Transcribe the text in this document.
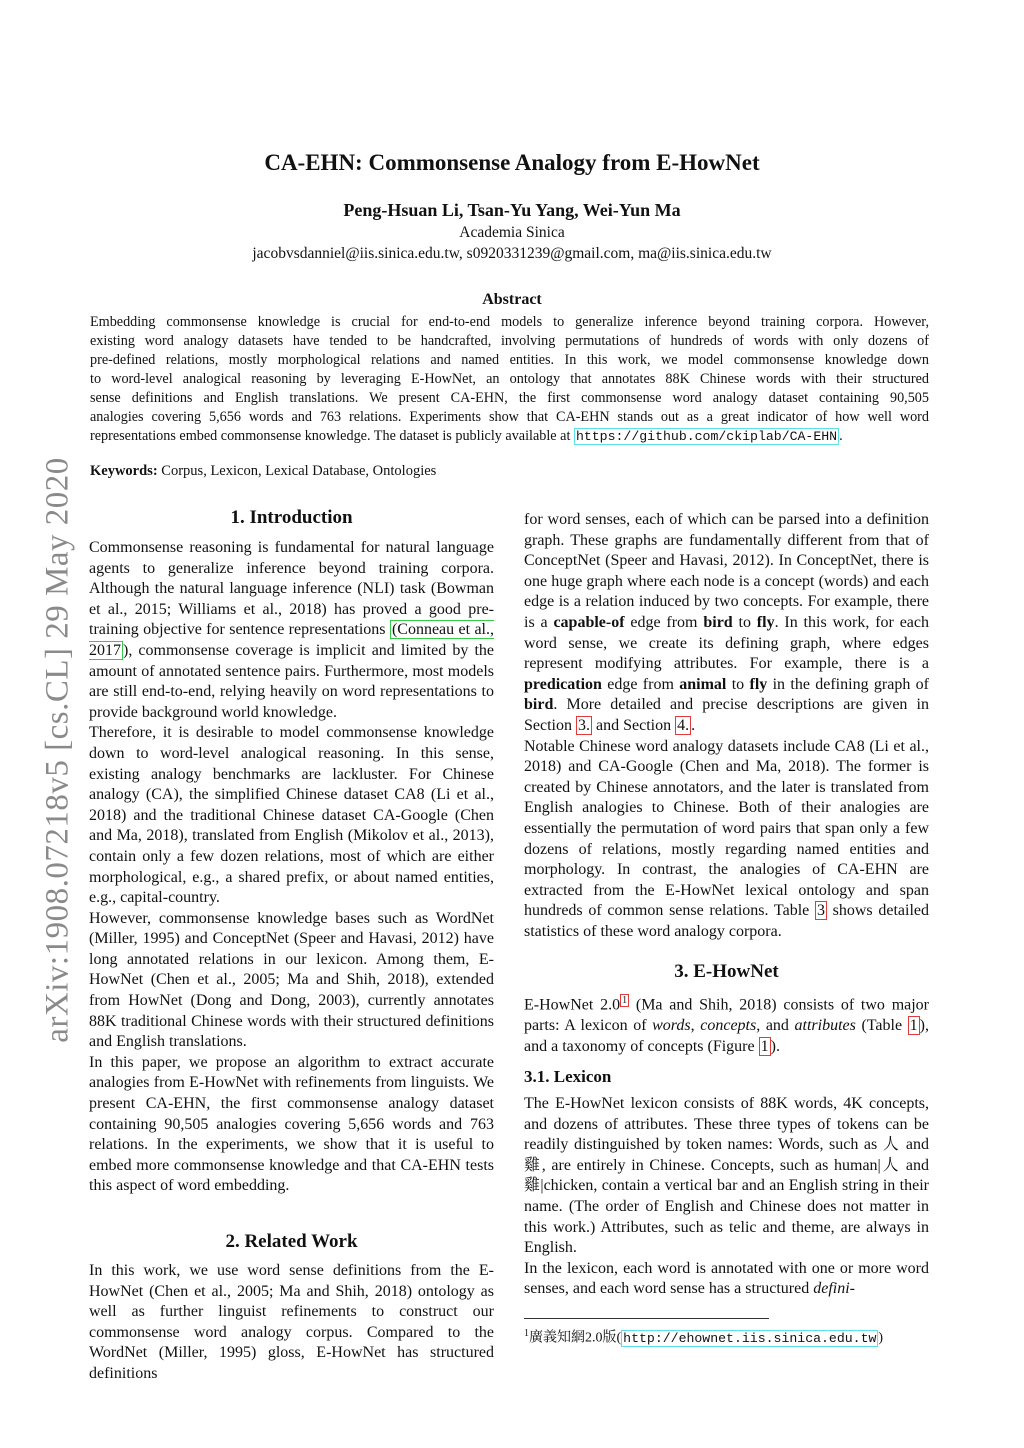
arXiv:1908.07218v5 [cs.CL] 29 May 2020
CA-EHN: Commonsense Analogy from E-HowNet
Peng-Hsuan Li, Tsan-Yu Yang, Wei-Yun Ma
Academia Sinica
jacobvsdanniel@iis.sinica.edu.tw, s0920331239@gmail.com, ma@iis.sinica.edu.tw
Abstract
Embedding commonsense knowledge is crucial for end-to-end models to generalize inference beyond training corpora. However,
existing word analogy datasets have tended to be handcrafted, involving permutations of hundreds of words with only dozens of
pre-defined relations, mostly morphological relations and named entities. In this work, we model commonsense knowledge down
to word-level analogical reasoning by leveraging E-HowNet, an ontology that annotates 88K Chinese words with their structured
sense definitions and English translations. We present CA-EHN, the first commonsense word analogy dataset containing 90,505
analogies covering 5,656 words and 763 relations. Experiments show that CA-EHN stands out as a great indicator of how well word
representations embed commonsense knowledge. The dataset is publicly available at https://github.com/ckiplab/CA-EHN .
Keywords: Corpus, Lexicon, Lexical Database, Ontologies
1. Introduction

Commonsense reasoning is fundamental for natural language agents to generalize inference beyond training corpora. Although the natural language inference (NLI) task (Bowman et al., 2015; Williams et al., 2018) has proved a good pre-training objective for sentence representations (Conneau et al., 2017 ), commonsense coverage is implicit and limited by the amount of annotated sentence pairs. Furthermore, most models are still end-to-end, relying heavily on word representations to provide background world knowledge.

Therefore, it is desirable to model commonsense knowledge down to word-level analogical reasoning. In this sense, existing analogy benchmarks are lackluster. For Chinese analogy (CA), the simplified Chinese dataset CA8 (Li et al., 2018) and the traditional Chinese dataset CA-Google (Chen and Ma, 2018), translated from English (Mikolov et al., 2013), contain only a few dozen relations, most of which are either morphological, e.g., a shared prefix, or about named entities, e.g., capital-country.

However, commonsense knowledge bases such as WordNet (Miller, 1995) and ConceptNet (Speer and Havasi, 2012) have long annotated relations in our lexicon. Among them, E-HowNet (Chen et al., 2005; Ma and Shih, 2018), extended from HowNet (Dong and Dong, 2003), currently annotates 88K traditional Chinese words with their structured definitions and English translations.

In this paper, we propose an algorithm to extract accurate analogies from E-HowNet with refinements from linguists. We present CA-EHN, the first commonsense analogy dataset containing 90,505 analogies covering 5,656 words and 763 relations. In the experiments, we show that it is useful to embed more commonsense knowledge and that CA-EHN tests this aspect of word embedding.

2. Related Work

In this work, we use word sense definitions from the E-HowNet (Chen et al., 2005; Ma and Shih, 2018) ontology as well as further linguist refinements to construct our commonsense word analogy corpus. Compared to the WordNet (Miller, 1995) gloss, E-HowNet has structured definitions

for word senses, each of which can be parsed into a definition graph. These graphs are fundamentally different from that of ConceptNet (Speer and Havasi, 2012). In ConceptNet, there is one huge graph where each node is a concept (words) and each edge is a relation induced by two concepts. For example, there is a capable-of edge from bird to fly. In this work, for each word sense, we create its defining graph, where edges represent modifying attributes. For example, there is a predication edge from animal to fly in the defining graph of bird. More detailed and precise descriptions are given in Section 3. and Section 4. .

Notable Chinese word analogy datasets include CA8 (Li et al., 2018) and CA-Google (Chen and Ma, 2018). The former is created by Chinese annotators, and the later is translated from English analogies to Chinese. Both of their analogies are essentially the permutation of word pairs that span only a few dozens of relations, mostly regarding named entities and morphology. In contrast, the analogies of CA-EHN are extracted from the E-HowNet lexical ontology and span hundreds of common sense relations. Table 3 shows detailed statistics of these word analogy corpora.

3. E-HowNet

E-HowNet 2.0 $^1$ (Ma and Shih, 2018) consists of two major parts: A lexicon of words, concepts, and attributes (Table 1 ), and a taxonomy of concepts (Figure 1 ).

3.1. Lexicon

The E-HowNet lexicon consists of 88K words, 4K concepts, and dozens of attributes. These three types of tokens can be readily distinguished by token names: Words, such as 人 and 雞, are entirely in Chinese. Concepts, such as human|人 and 雞|chicken, contain a vertical bar and an English string in their name. (The order of English and Chinese does not matter in this work.) Attributes, such as telic and theme, are always in English.

In the lexicon, each word is annotated with one or more word senses, and each word sense has a structured defini-

$^1$廣義知網2.0版( http://ehownet.iis.sinica.edu.tw )
